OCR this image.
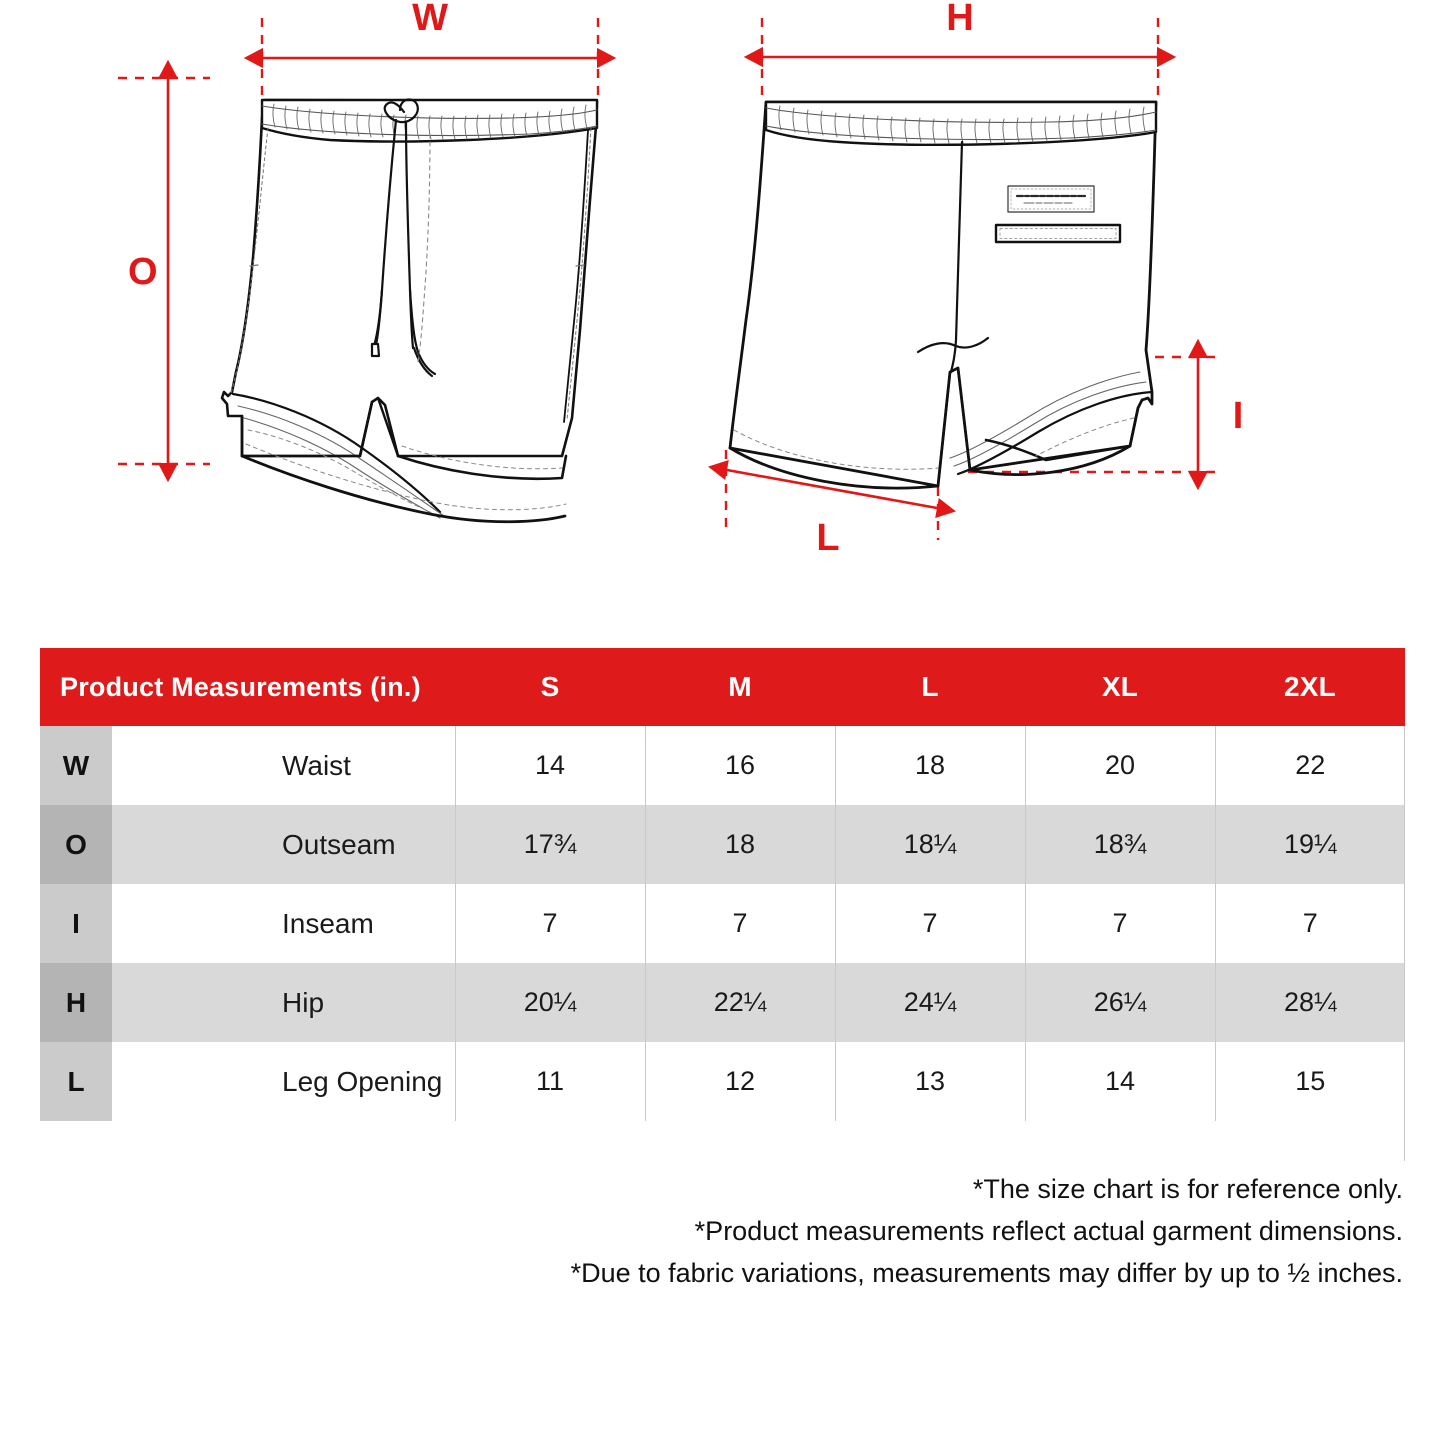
W
O
H
I
L
Product Measurements (in.)		S	M	L	XL	2XL
W	Waist	14	16	18	20	22
O	Outseam	17¾	18	18¼	18¾	19¼
I	Inseam	7	7	7	7	7
H	Hip	20¼	22¼	24¼	26¼	28¼
L	Leg Opening	11	12	13	14	15
*The size chart is for reference only.
*Product measurements reflect actual garment dimensions.
*Due to fabric variations, measurements may differ by up to ½ inches.
